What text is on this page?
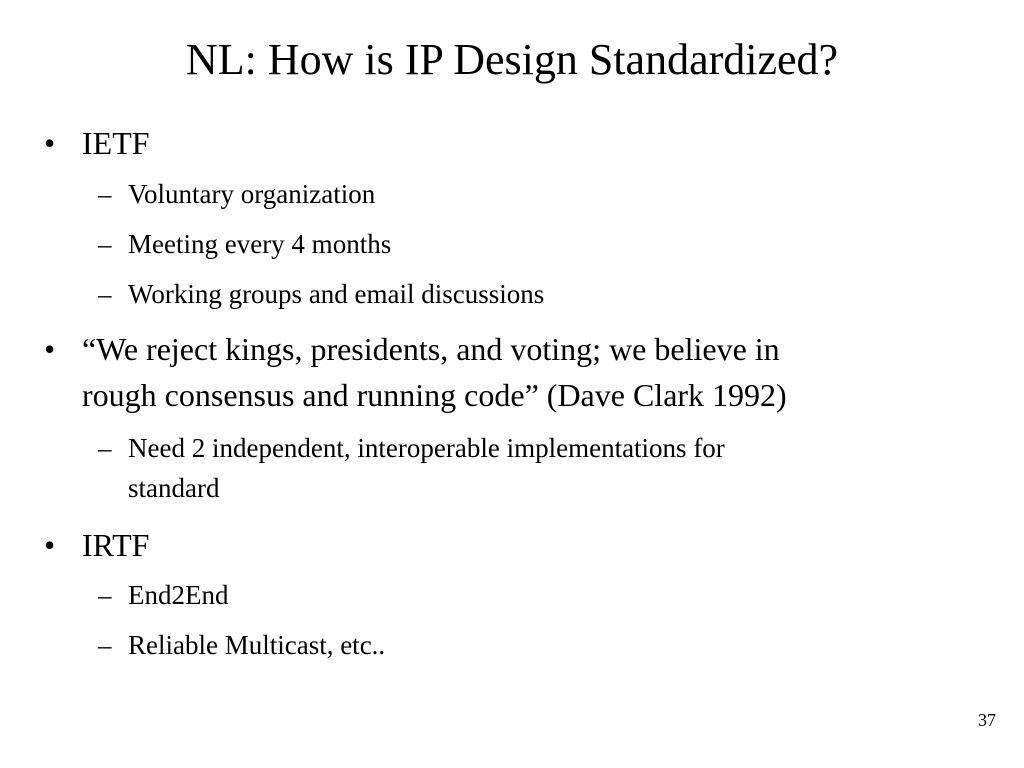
NL: How is IP Design Standardized?
• IETF
– Voluntary organization
– Meeting every 4 months
– Working groups and email discussions
• “We reject kings, presidents, and voting; we believe in
rough consensus and running code” (Dave Clark 1992)
– Need 2 independent, interoperable implementations for
standard
• IRTF
– End2End
– Reliable Multicast, etc..
37
